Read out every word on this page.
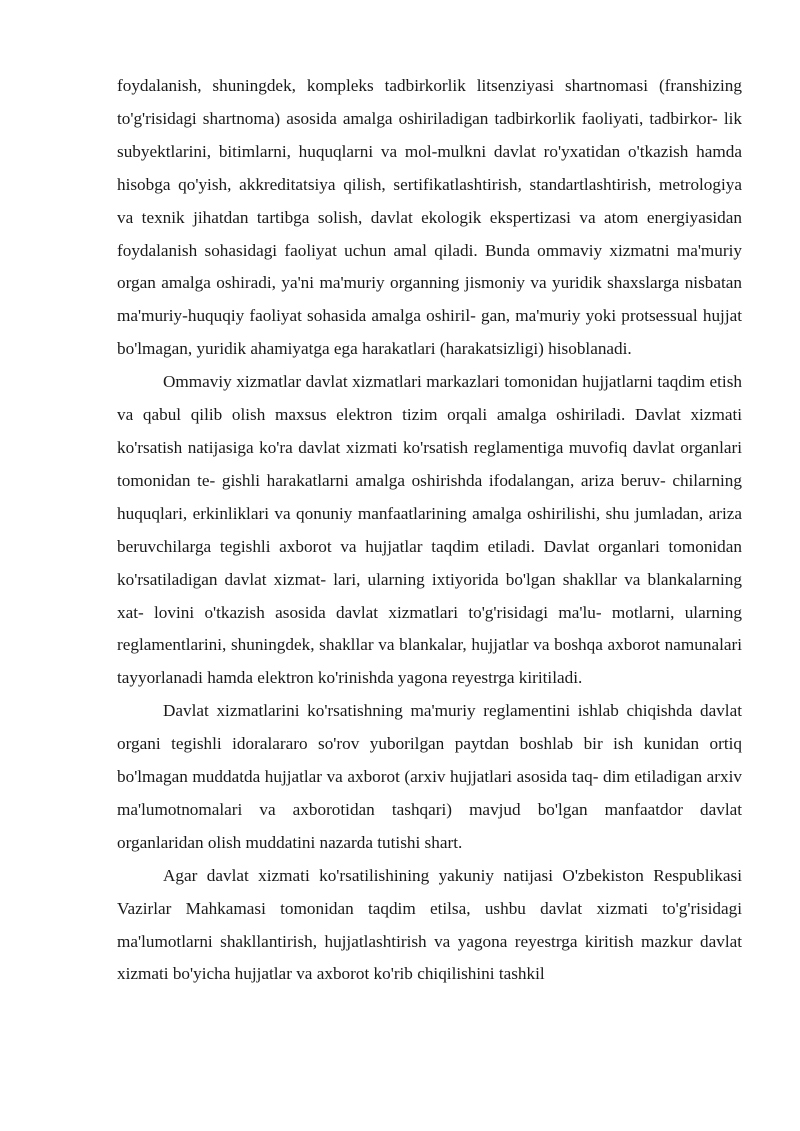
foydalanish, shuningdek, kompleks tadbirkorlik litsenziyasi shartnomasi (franshizing to'g'risidagi shartnoma) asosida amalga oshiriladigan tadbirkorlik faoliyati, tadbirkor- lik subyektlarini, bitimlarni, huquqlarni va mol-mulkni davlat ro'yxatidan o'tkazish hamda hisobga qo'yish, akkreditatsiya qilish, sertifikatlashtirish, standartlashtirish, metrologiya va texnik jihatdan tartibga solish, davlat ekologik ekspertizasi va atom energiyasidan foydalanish sohasidagi faoliyat uchun amal qiladi. Bunda ommaviy xizmatni ma'muriy organ amalga oshiradi, ya'ni ma'muriy organning jismoniy va yuridik shaxslarga nisbatan ma'muriy-huquqiy faoliyat sohasida amalga oshiril- gan, ma'muriy yoki protsessual hujjat bo'lmagan, yuridik ahamiyatga ega harakatlari (harakatsizligi) hisoblanadi.

Ommaviy xizmatlar davlat xizmatlari markazlari tomonidan hujjatlarni taqdim etish va qabul qilib olish maxsus elektron tizim orqali amalga oshiriladi. Davlat xizmati ko'rsatish natijasiga ko'ra davlat xizmati ko'rsatish reglamentiga muvofiq davlat organlari tomonidan te- gishli harakatlarni amalga oshirishda ifodalangan, ariza beruv- chilarning huquqlari, erkinliklari va qonuniy manfaatlarining amalga oshirilishi, shu jumladan, ariza beruvchilarga tegishli axborot va hujjatlar taqdim etiladi. Davlat organlari tomonidan ko'rsatiladigan davlat xizmat- lari, ularning ixtiyorida bo'lgan shakllar va blankalarning xat- lovini o'tkazish asosida davlat xizmatlari to'g'risidagi ma'lu- motlarni, ularning reglamentlarini, shuningdek, shakllar va blankalar, hujjatlar va boshqa axborot namunalari tayyorlanadi hamda elektron ko'rinishda yagona reyestrga kiritiladi.

Davlat xizmatlarini ko'rsatishning ma'muriy reglamentini ishlab chiqishda davlat organi tegishli idoralararo so'rov yuborilgan paytdan boshlab bir ish kunidan ortiq bo'lmagan muddatda hujjatlar va axborot (arxiv hujjatlari asosida taq- dim etiladigan arxiv ma'lumotnomalari va axborotidan tashqari) mavjud bo'lgan manfaatdor davlat organlaridan olish muddatini nazarda tutishi shart.

Agar davlat xizmati ko'rsatilishining yakuniy natijasi O'zbekiston Respublikasi Vazirlar Mahkamasi tomonidan taqdim etilsa, ushbu davlat xizmati to'g'risidagi ma'lumotlarni shakllantirish, hujjatlashtirish va yagona reyestrga kiritish mazkur davlat xizmati bo'yicha hujjatlar va axborot ko'rib chiqilishini tashkil
